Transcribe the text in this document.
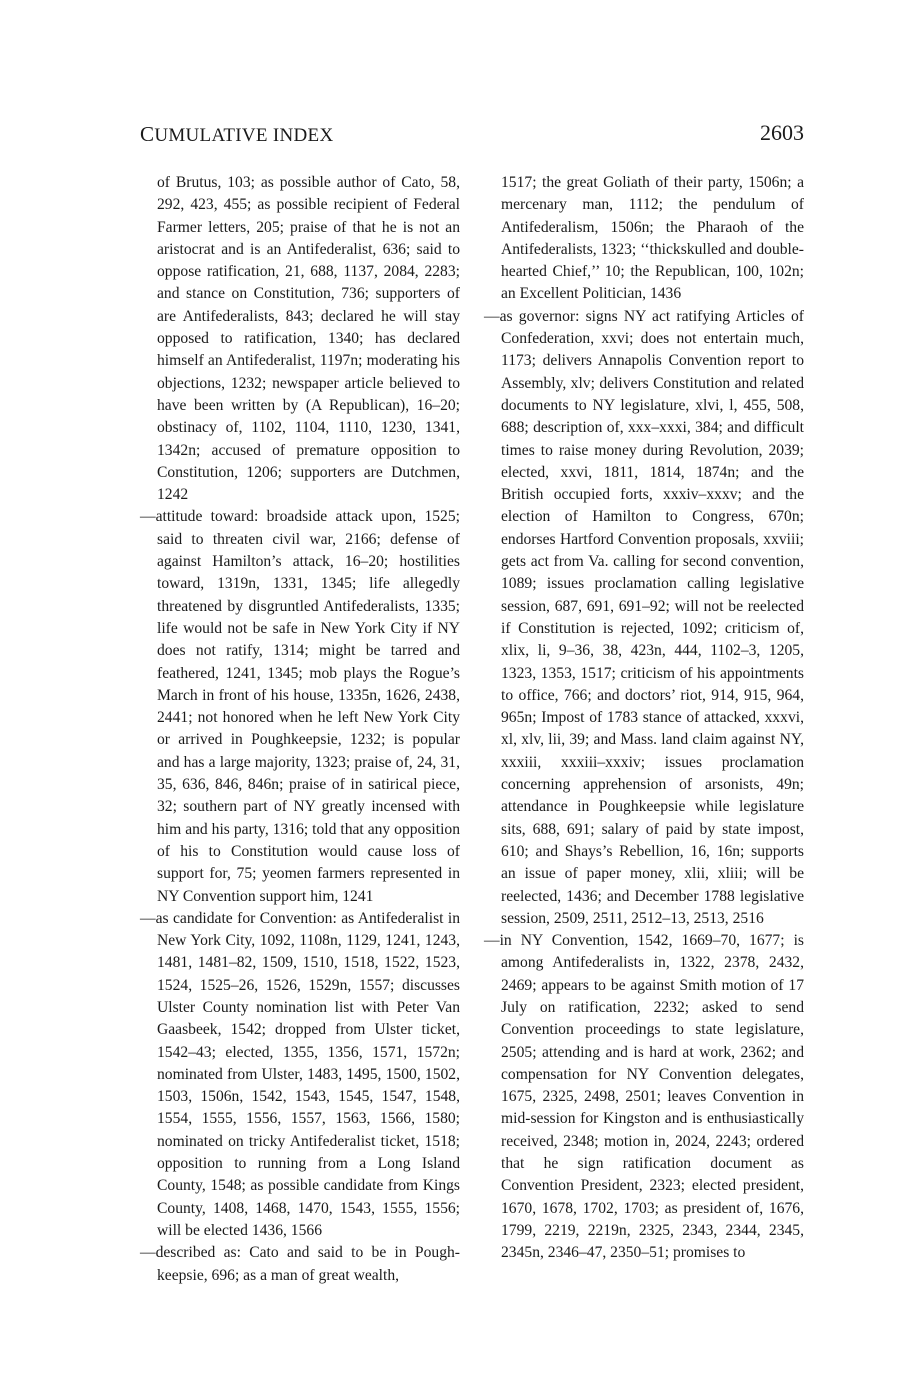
CUMULATIVE INDEX	2603

of Brutus, 103; as possible author of Cato, 58, 292, 423, 455; as possible recipient of Federal Farmer letters, 205; praise of that he is not an aristocrat and is an Antifederalist, 636; said to oppose ratification, 21, 688, 1137, 2084, 2283; and stance on Constitution, 736; supporters of are Antifederalists, 843; declared he will stay opposed to ratification, 1340; has declared himself an Antifederalist, 1197n; moderating his objections, 1232; newspaper article believed to have been written by (A Republican), 16–20; obstinacy of, 1102, 1104, 1110, 1230, 1341, 1342n; accused of premature opposition to Constitution, 1206; supporters are Dutchmen, 1242

—attitude toward: broadside attack upon, 1525; said to threaten civil war, 2166; defense of against Hamilton’s attack, 16–20; hostilities toward, 1319n, 1331, 1345; life allegedly threatened by disgruntled Antifederalists, 1335; life would not be safe in New York City if NY does not ratify, 1314; might be tarred and feathered, 1241, 1345; mob plays the Rogue’s March in front of his house, 1335n, 1626, 2438, 2441; not honored when he left New York City or arrived in Poughkeepsie, 1232; is popular and has a large majority, 1323; praise of, 24, 31, 35, 636, 846, 846n; praise of in satirical piece, 32; southern part of NY greatly incensed with him and his party, 1316; told that any opposition of his to Constitution would cause loss of support for, 75; yeomen farmers represented in NY Convention support him, 1241

—as candidate for Convention: as Antifederalist in New York City, 1092, 1108n, 1129, 1241, 1243, 1481, 1481–82, 1509, 1510, 1518, 1522, 1523, 1524, 1525–26, 1526, 1529n, 1557; discusses Ulster County nomination list with Peter Van Gaasbeek, 1542; dropped from Ulster ticket, 1542–43; elected, 1355, 1356, 1571, 1572n; nominated from Ulster, 1483, 1495, 1500, 1502, 1503, 1506n, 1542, 1543, 1545, 1547, 1548, 1554, 1555, 1556, 1557, 1563, 1566, 1580; nominated on tricky Antifederalist ticket, 1518; opposition to running from a Long Island County, 1548; as possible candidate from Kings County, 1408, 1468, 1470, 1543, 1555, 1556; will be elected 1436, 1566

—described as: Cato and said to be in Poughkeepsie, 696; as a man of great wealth,

1517; the great Goliath of their party, 1506n; a mercenary man, 1112; the pendulum of Antifederalism, 1506n; the Pharaoh of the Antifederalists, 1323; ‘‘thickskulled and double-hearted Chief,’’ 10; the Republican, 100, 102n; an Excellent Politician, 1436

—as governor: signs NY act ratifying Articles of Confederation, xxvi; does not entertain much, 1173; delivers Annapolis Convention report to Assembly, xlv; delivers Constitution and related documents to NY legislature, xlvi, l, 455, 508, 688; description of, xxx–xxxi, 384; and difficult times to raise money during Revolution, 2039; elected, xxvi, 1811, 1814, 1874n; and the British occupied forts, xxxiv–xxxv; and the election of Hamilton to Congress, 670n; endorses Hartford Convention proposals, xxviii; gets act from Va. calling for second convention, 1089; issues proclamation calling legislative session, 687, 691, 691–92; will not be reelected if Constitution is rejected, 1092; criticism of, xlix, li, 9–36, 38, 423n, 444, 1102–3, 1205, 1323, 1353, 1517; criticism of his appointments to office, 766; and doctors’ riot, 914, 915, 964, 965n; Impost of 1783 stance of attacked, xxxvi, xl, xlv, lii, 39; and Mass. land claim against NY, xxxiii, xxxiii–xxxiv; issues proclamation concerning apprehension of arsonists, 49n; attendance in Poughkeepsie while legislature sits, 688, 691; salary of paid by state impost, 610; and Shays’s Rebellion, 16, 16n; supports an issue of paper money, xlii, xliii; will be reelected, 1436; and December 1788 legislative session, 2509, 2511, 2512–13, 2513, 2516

—in NY Convention, 1542, 1669–70, 1677; is among Antifederalists in, 1322, 2378, 2432, 2469; appears to be against Smith motion of 17 July on ratification, 2232; asked to send Convention proceedings to state legislature, 2505; attending and is hard at work, 2362; and compensation for NY Convention delegates, 1675, 2325, 2498, 2501; leaves Convention in mid-session for Kingston and is enthusiastically received, 2348; motion in, 2024, 2243; ordered that he sign ratification document as Convention President, 2323; elected president, 1670, 1678, 1702, 1703; as president of, 1676, 1799, 2219, 2219n, 2325, 2343, 2344, 2345, 2345n, 2346–47, 2350–51; promises to
